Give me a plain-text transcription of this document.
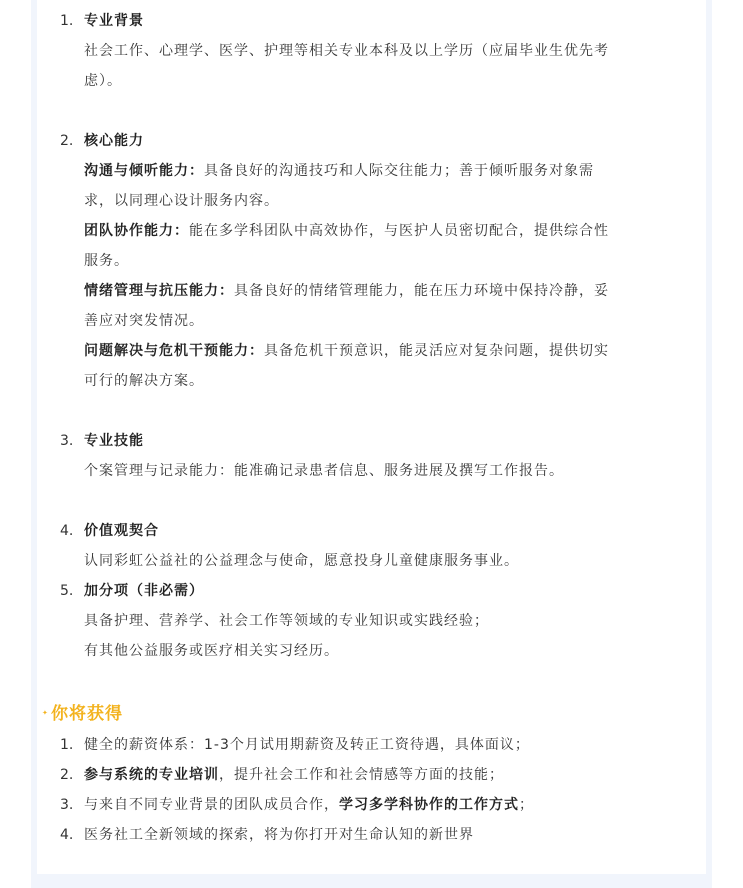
1. 专业背景
社会工作、心理学、医学、护理等相关专业本科及以上学历（应届毕业生优先考
虑）。
2. 核心能力
沟通与倾听能力：具备良好的沟通技巧和人际交往能力；善于倾听服务对象需
求，以同理心设计服务内容。
团队协作能力：能在多学科团队中高效协作，与医护人员密切配合，提供综合性
服务。
情绪管理与抗压能力：具备良好的情绪管理能力，能在压力环境中保持冷静，妥
善应对突发情况。
问题解决与危机干预能力：具备危机干预意识，能灵活应对复杂问题，提供切实
可行的解决方案。
3. 专业技能
个案管理与记录能力：能准确记录患者信息、服务进展及撰写工作报告。
4. 价值观契合
认同彩虹公益社的公益理念与使命，愿意投身儿童健康服务事业。
5. 加分项（非必需）
具备护理、营养学、社会工作等领域的专业知识或实践经验；
有其他公益服务或医疗相关实习经历。
✦ 你将获得
1. 健全的薪资体系：1-3个月试用期薪资及转正工资待遇，具体面议；
2. 参与系统的专业培训，提升社会工作和社会情感等方面的技能；
3. 与来自不同专业背景的团队成员合作，学习多学科协作的工作方式；
4. 医务社工全新领域的探索，将为你打开对生命认知的新世界
